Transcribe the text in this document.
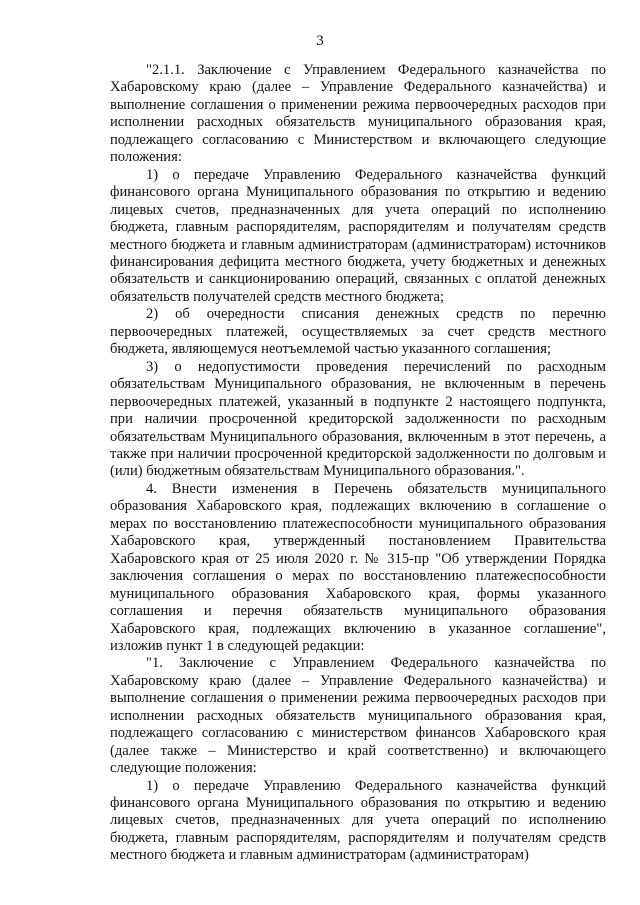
3

"2.1.1. Заключение с Управлением Федерального казначейства по Хабаровскому краю (далее – Управление Федерального казначейства) и выполнение соглашения о применении режима первоочередных расходов при исполнении расходных обязательств муниципального образования края, подлежащего согласованию с Министерством и включающего следующие положения:

1) о передаче Управлению Федерального казначейства функций финансового органа Муниципального образования по открытию и ведению лицевых счетов, предназначенных для учета операций по исполнению бюджета, главным распорядителям, распорядителям и получателям средств местного бюджета и главным администраторам (администраторам) источников финансирования дефицита местного бюджета, учету бюджетных и денежных обязательств и санкционированию операций, связанных с оплатой денежных обязательств получателей средств местного бюджета;

2) об очередности списания денежных средств по перечню первоочередных платежей, осуществляемых за счет средств местного бюджета, являющемуся неотъемлемой частью указанного соглашения;

3) о недопустимости проведения перечислений по расходным обязательствам Муниципального образования, не включенным в перечень первоочередных платежей, указанный в подпункте 2 настоящего подпункта, при наличии просроченной кредиторской задолженности по расходным обязательствам Муниципального образования, включенным в этот перечень, а также при наличии просроченной кредиторской задолженности по долговым и (или) бюджетным обязательствам Муниципального образования.".

4. Внести изменения в Перечень обязательств муниципального образования Хабаровского края, подлежащих включению в соглашение о мерах по восстановлению платежеспособности муниципального образования Хабаровского края, утвержденный постановлением Правительства Хабаровского края от 25 июля 2020 г. № 315-пр "Об утверждении Порядка заключения соглашения о мерах по восстановлению платежеспособности муниципального образования Хабаровского края, формы указанного соглашения и перечня обязательств муниципального образования Хабаровского края, подлежащих включению в указанное соглашение", изложив пункт 1 в следующей редакции:

"1. Заключение с Управлением Федерального казначейства по Хабаровскому краю (далее – Управление Федерального казначейства) и выполнение соглашения о применении режима первоочередных расходов при исполнении расходных обязательств муниципального образования края, подлежащего согласованию с министерством финансов Хабаровского края (далее также – Министерство и край соответственно) и включающего следующие положения:

1) о передаче Управлению Федерального казначейства функций финансового органа Муниципального образования по открытию и ведению лицевых счетов, предназначенных для учета операций по исполнению бюджета, главным распорядителям, распорядителям и получателям средств местного бюджета и главным администраторам (администраторам)
